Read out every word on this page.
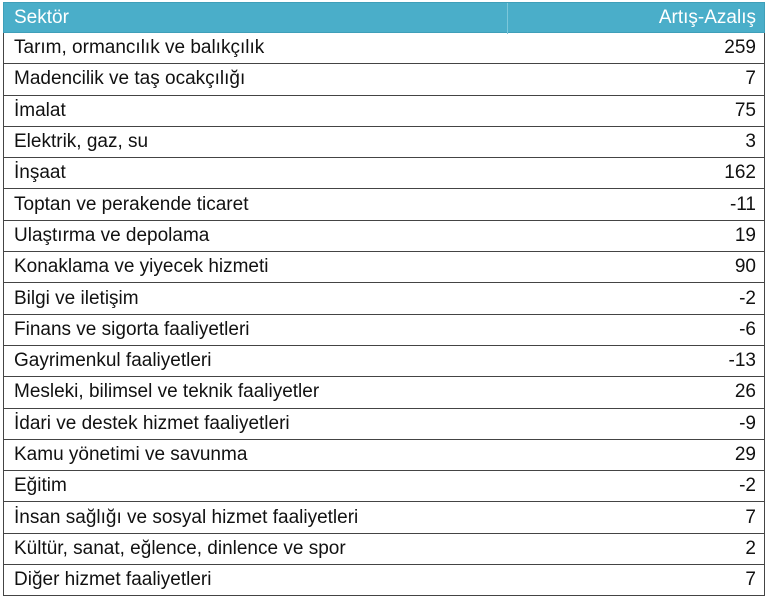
Sektör	Artış-Azalış
Tarım, ormancılık ve balıkçılık	259
Madencilik ve taş ocakçılığı	7
İmalat	75
Elektrik, gaz, su	3
İnşaat	162
Toptan ve perakende ticaret	-11
Ulaştırma ve depolama	19
Konaklama ve yiyecek hizmeti	90
Bilgi ve iletişim	-2
Finans ve sigorta faaliyetleri	-6
Gayrimenkul faaliyetleri	-13
Mesleki, bilimsel ve teknik faaliyetler	26
İdari ve destek hizmet faaliyetleri	-9
Kamu yönetimi ve savunma	29
Eğitim	-2
İnsan sağlığı ve sosyal hizmet faaliyetleri	7
Kültür, sanat, eğlence, dinlence ve spor	2
Diğer hizmet faaliyetleri	7
